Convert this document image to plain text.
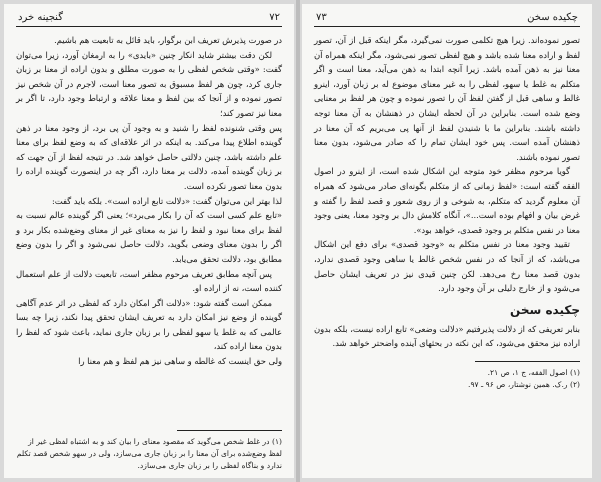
۷۲
گنجینه خرد

در صورت پذیرش تعریف ابن برگوار، باید قائل به تابعیت هم باشیم.

لکن دقت بیشتر شاید انکار چنین «بایدی» را به ارمغان آورد، زیرا می‌توان گفت: «وقتی شخص لفظی را به صورت مطلق و بدون اراده از معنا بر زبان جاری کرد، چون هر لفظ مسبوق به تصور معنا است، لاجرم در آن شخص نیز تصور نموده و از آنجا که بین لفظ و معنا علاقه و ارتباط وجود دارد، تا اگر بر معنا نیز تصور کند؛

پس وقتی شنونده لفظ را شنید و به وجود آن پی برد، از وجود معنا در ذهن گوینده اطلاع پیدا می‌کند. به اینکه در اثر علاقه‌ای که به وضع لفظ برای معنا علم داشته باشد، چنین دلالتی حاصل خواهد شد. در نتیجه لفظ از آن جهت که بر زبان گوینده آمده، دلالت بر معنا دارد، اگر چه در اینصورت گوینده اراده را بدون معنا تصور نکرده است.

لذا بهتر این می‌توان گفت: «دلالت تابع اراده است». بلکه باید گفت:

«تابع علم کسی است که آن را بکار می‌برد»؛ یعنی اگر گوینده عالم نسبت به لفظ برای معنا نبود و لفظ را نیز به معنای غیر از معنای وضع‌شده بکار برد و اگر را بدون معنای وضعی بگوید، دلالت حاصل نمی‌شود و اگر را بدون وضع مطابق بود، دلالت تحقق می‌یابد.

پس آنچه مطابق تعریف مرحوم مظفر است، تابعیت دلالت از علم استعمال کننده است، نه از اراده او.

ممکن است گفته شود: «دلالت اگر امکان دارد که لفظی در اثر عدم آگاهی گوینده از وضع نیز امکان دارد به تعریف ایشان تحقق پیدا نکند، زیرا چه بسا عالمی که به غلط یا سهو لفظی را بر زبان جاری نماید، باعث شود که لفظ را بدون معنا اراده کند،

ولی حق اینست که غالطه و ساهی نیز هم لفظ و هم معنا را

(۱) در غلط شخص می‌گوید که مقصود معنای را بیان کند و به اشتباه لفظی غیر از لفظ وضع‌شده برای آن معنا را بر زبان جاری می‌سازد، ولی در سهو شخص قصد تکلم ندارد و بناگاه لفظی را بر زبان جاری می‌سازد.

چکیده سخن
۷۳

تصور نموده‌اند. زیرا هیچ تکلمی صورت نمی‌گیرد، مگر اینکه قبل از آن، تصور لفظ و اراده معنا شده باشد و هیچ لفظی تصور نمی‌شود، مگر اینکه همراه آن معنا نیز به ذهن آمده باشد. زیرا آنچه ابتدا به ذهن می‌آید، معنا است و اگر متکلم به غلط یا سهو، لفظی را به غیر معنای موضوع له بر زبان آورد، اینرو غالط و ساهی قبل از گفتن لفظ آن را تصور نموده و چون هر لفظ بر معنایی وضع شده است. بنابراین در آن لحظه ایشان در ذهنشان به آن معنا توجه داشته باشند. بنابراین ما با شنیدن لفظ از آنها پی می‌بریم که آن معنا در ذهنشان آمده است. پس خود ایشان تمام را که صادر می‌شود، بدون معنا تصور نموده باشند.

گویا مرحوم مظفر خود متوجه این اشکال شده است، از اینرو در اصول الفقه گفته است: «لفظ زمانی که از متکلم بگونه‌ای صادر می‌شود که همراه آن معلوم گردید که متکلم، به شوخی و از روی شعور و قصد لفظ را گفته و غرض بیان و افهام بوده است...»، آنگاه کلامش دال بر وجود معنا، یعنی وجود معنا در نفس متکلم بر وجود قصدی، خواهد بود».

تقیید وجود معنا در نفس متکلم به «وجود قصدی» برای دفع این اشکال می‌باشد، که از آنجا که در نفس شخص غالط یا ساهی وجود قصدی ندارد، بدون قصد معنا رخ می‌دهد. لکن چنین قیدی نیز در تعریف ایشان حاصل می‌شود و از خارج دلیلی بر آن وجود دارد.

چکیده سخن

بنابر تعریفی که از دلالت پذیرفتیم «دلالت وضعی» تابع اراده نیست، بلکه بدون اراده نیز محقق می‌شود، که این نکته در بحثهای آینده واضحتر خواهد شد.

(۱) اصول الفقه، ج ۱، ص ۲۱.

(۲) ر.ک. همین نوشتار، ص ۹۶ ـ ۹۷.
